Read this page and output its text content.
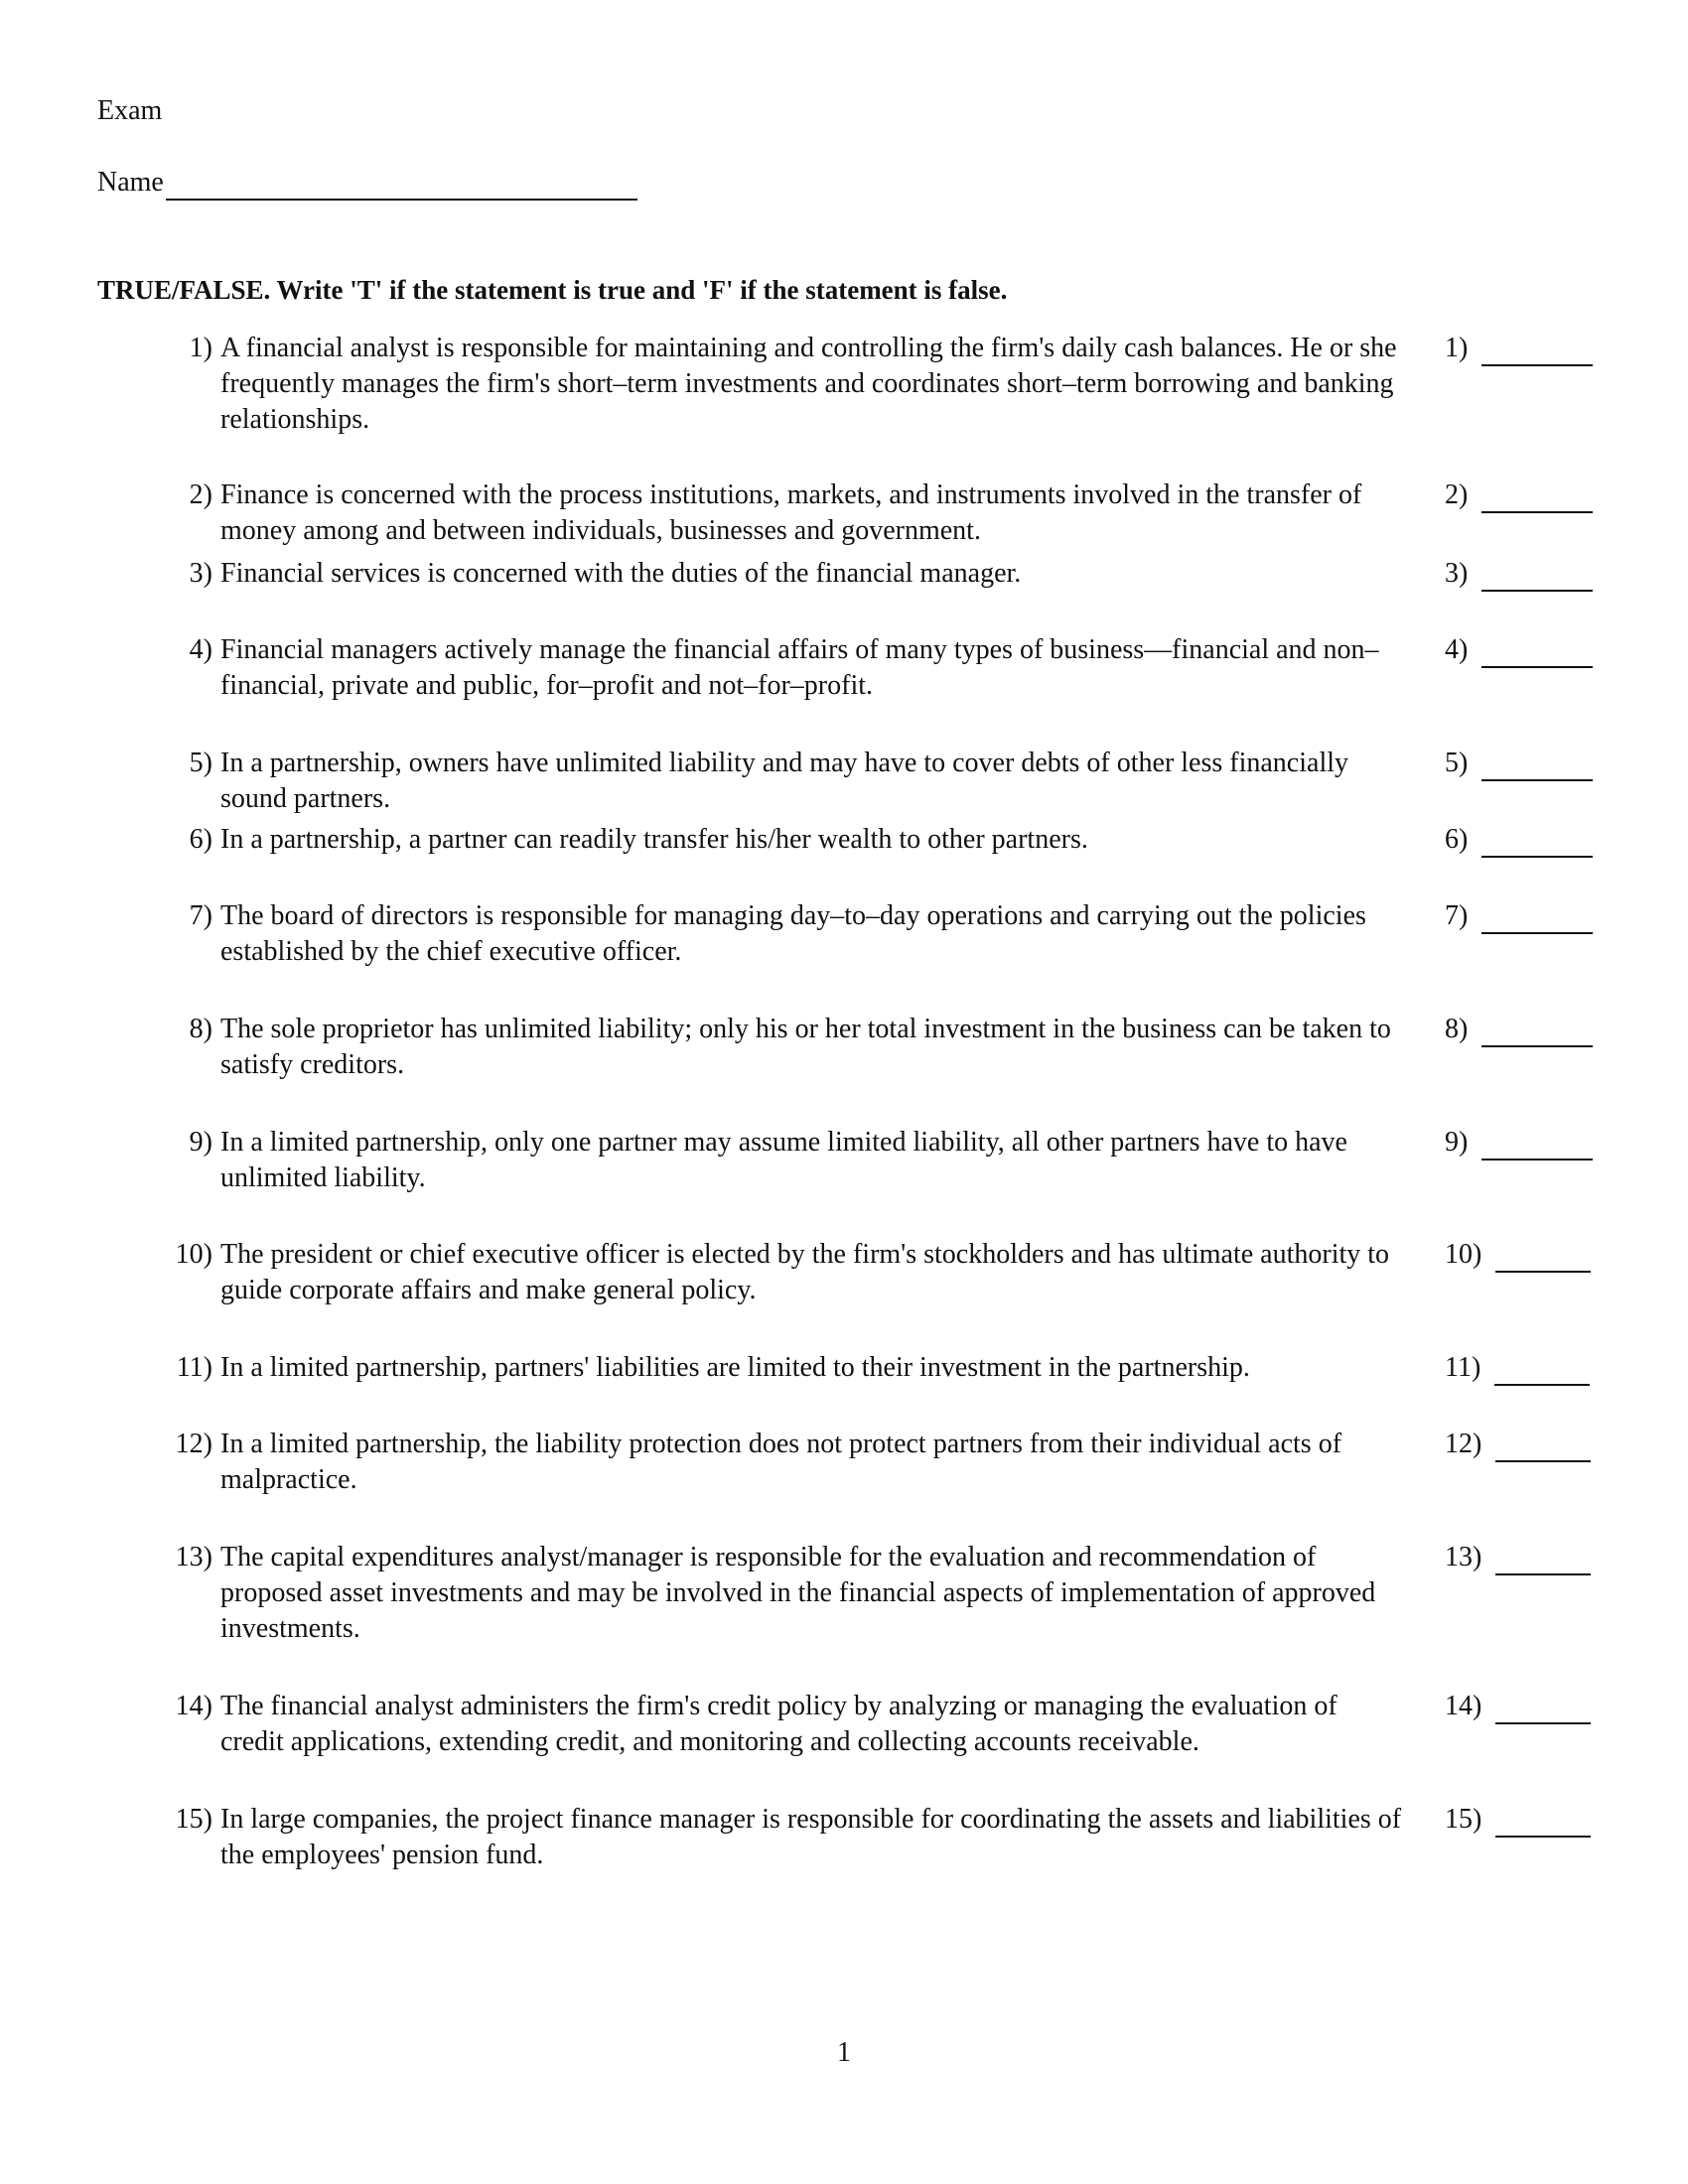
Exam
Name
TRUE/FALSE. Write 'T' if the statement is true and 'F' if the statement is false.
1) A financial analyst is responsible for maintaining and controlling the firm's daily cash balances. He or she frequently manages the firm's short–term investments and coordinates short–term borrowing and banking relationships.
1)
2) Finance is concerned with the process institutions, markets, and instruments involved in the transfer of money among and between individuals, businesses and government.
2)
3) Financial services is concerned with the duties of the financial manager.	3)
4) Financial managers actively manage the financial affairs of many types of business––financial and non–financial, private and public, for–profit and not–for–profit.
4)
5) In a partnership, owners have unlimited liability and may have to cover debts of other less financially sound partners.
5)
6) In a partnership, a partner can readily transfer his/her wealth to other partners.	6)
7) The board of directors is responsible for managing day–to–day operations and carrying out the policies established by the chief executive officer.
7)
8) The sole proprietor has unlimited liability; only his or her total investment in the business can be taken to satisfy creditors.
8)
9) In a limited partnership, only one partner may assume limited liability, all other partners have to have unlimited liability.
9)
10) The president or chief executive officer is elected by the firm's stockholders and has ultimate authority to guide corporate affairs and make general policy.
10)
11) In a limited partnership, partners' liabilities are limited to their investment in the partnership.	11)
12) In a limited partnership, the liability protection does not protect partners from their individual acts of malpractice.
12)
13) The capital expenditures analyst/manager is responsible for the evaluation and recommendation of proposed asset investments and may be involved in the financial aspects of implementation of approved investments.
13)
14) The financial analyst administers the firm's credit policy by analyzing or managing the evaluation of credit applications, extending credit, and monitoring and collecting accounts receivable.
14)
15) In large companies, the project finance manager is responsible for coordinating the assets and liabilities of the employees' pension fund.
15)
1
